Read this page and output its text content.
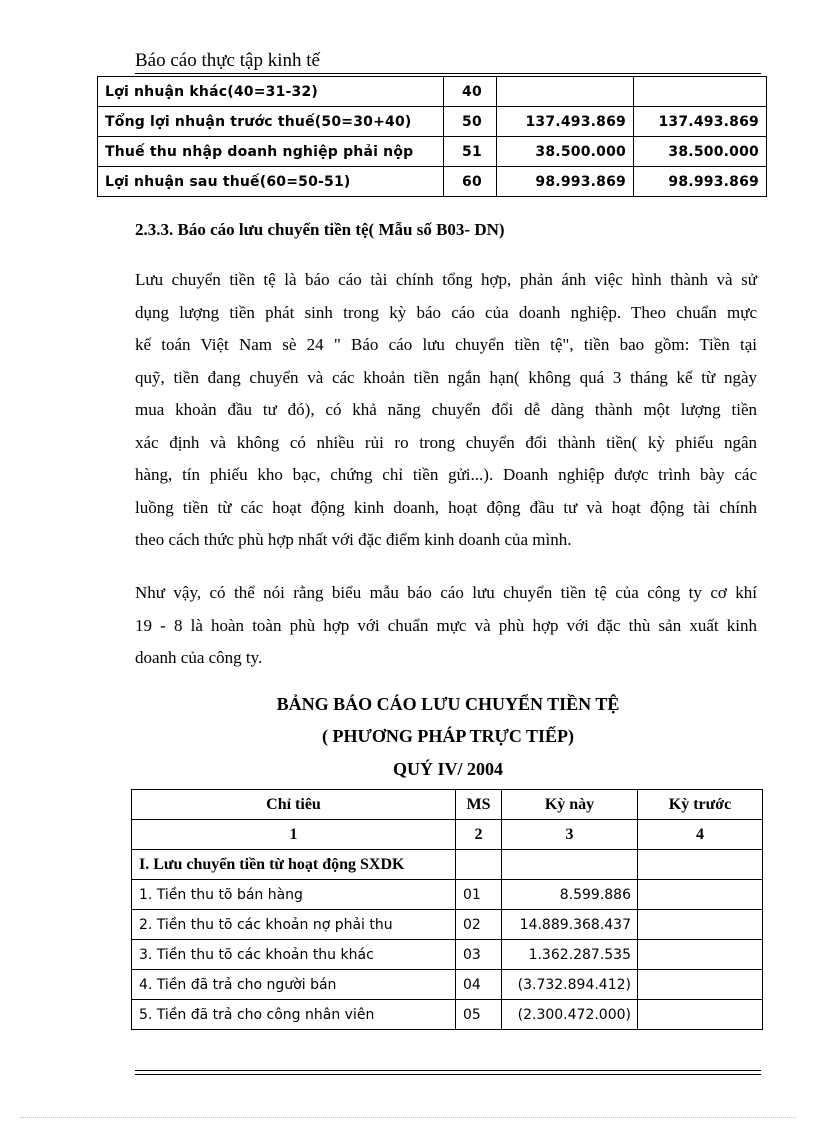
Báo cáo thực tập kinh tế
Lợi nhuận khác(40=31-32)	40		
Tổng lợi nhuận trước thuế(50=30+40)	50	137.493.869	137.493.869
Thuế thu nhập doanh nghiệp phải nộp	51	38.500.000	38.500.000
Lợi nhuận sau thuế(60=50-51)	60	98.993.869	98.993.869
2.3.3. Báo cáo lưu chuyển tiền tệ( Mẫu số B03- DN)
Lưu chuyển tiền tệ là báo cáo tài chính tổng hợp, phản ánh việc hình thành và sử
dụng lượng tiền phát sinh trong kỳ báo cáo của doanh nghiệp. Theo chuẩn mực
kế toán Việt Nam sè 24 " Báo cáo lưu chuyển tiền tệ", tiền bao gồm: Tiền tại
quỹ, tiền đang chuyển và các khoản tiền ngắn hạn( không quá 3 tháng kể từ ngày
mua khoản đầu tư đó), có khả năng chuyển đổi dễ dàng thành một lượng tiền
xác định và không có nhiều rủi ro trong chuyển đổi thành tiền( kỳ phiếu ngân
hàng, tín phiếu kho bạc, chứng chỉ tiền gửi...). Doanh nghiệp được trình bày các
luồng tiền từ các hoạt động kinh doanh, hoạt động đầu tư và hoạt động tài chính
theo cách thức phù hợp nhất với đặc điểm kinh doanh của mình.
Như vậy, có thể nói rằng biểu mẫu báo cáo lưu chuyển tiền tệ của công ty cơ khí
19 - 8 là hoàn toàn phù hợp với chuẩn mực và phù hợp với đặc thù sản xuất kinh
doanh của công ty.
BẢNG BÁO CÁO LƯU CHUYỂN TIỀN TỆ
( PHƯƠNG PHÁP TRỰC TIẾP)
QUÝ IV/ 2004
Chỉ tiêu	MS	Kỳ này	Kỳ trước
1	2	3	4
I. Lưu chuyển tiền từ hoạt động SXDK			
1. Tiền thu tõ bán hàng	01	8.599.886	
2. Tiền thu tõ các khoản nợ phải thu	02	14.889.368.437	
3. Tiền thu tõ các khoản thu khác	03	1.362.287.535	
4. Tiền đã trả cho người bán	04	(3.732.894.412)	
5. Tiền đã trả cho công nhân viên	05	(2.300.472.000)	
